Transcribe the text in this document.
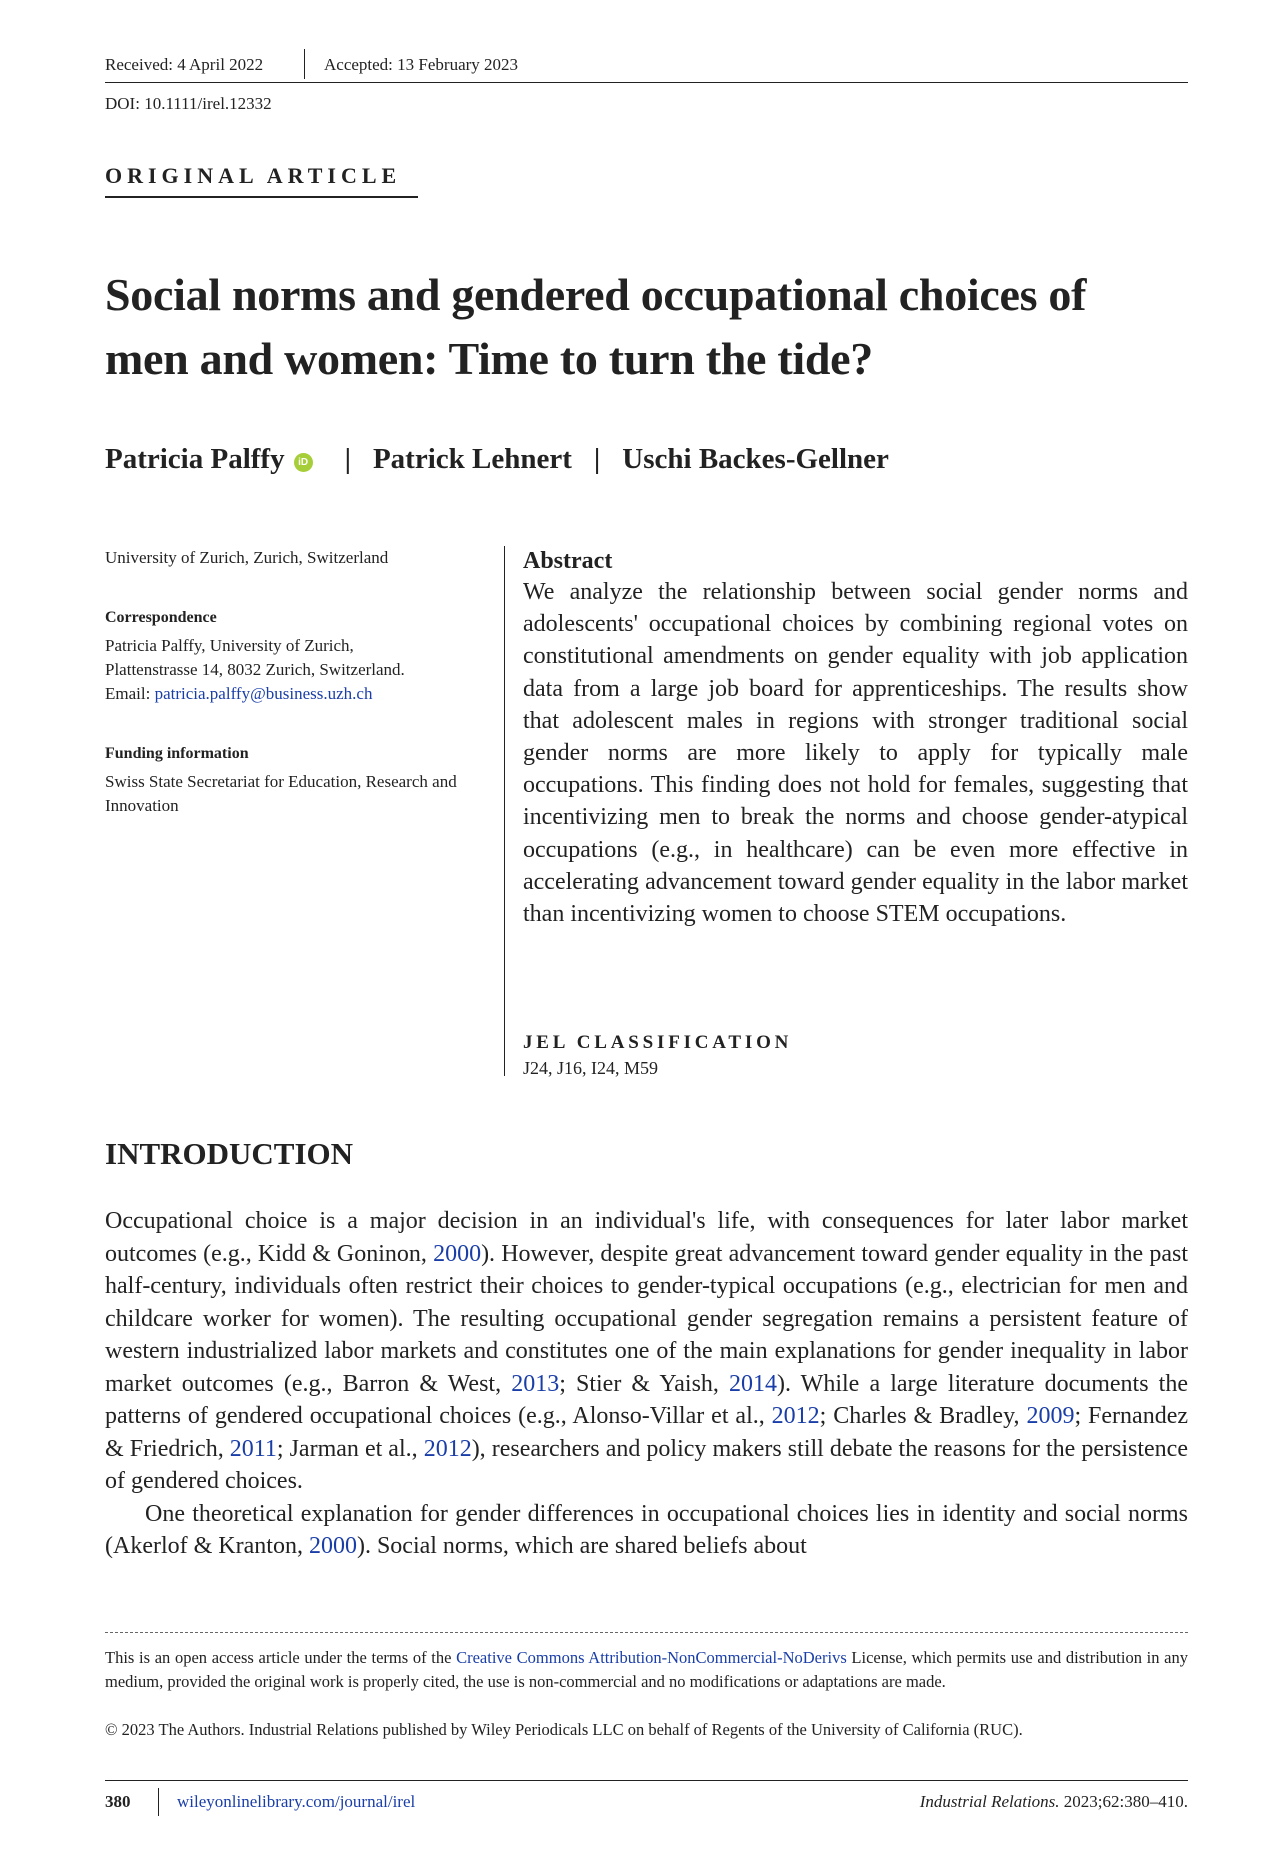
Received: 4 April 2022	Accepted: 13 February 2023
DOI: 10.1111/irel.12332
ORIGINAL ARTICLE
Social norms and gendered occupational choices of
men and women: Time to turn the tide?
Patricia Palffy iD | Patrick Lehnert | Uschi Backes-Gellner
University of Zurich, Zurich, Switzerland
Correspondence
Patricia Palffy, University of Zurich,
Plattenstrasse 14, 8032 Zurich, Switzerland.
Email: patricia.palffy@business.uzh.ch
Funding information
Swiss State Secretariat for Education, Research and Innovation
Abstract

We analyze the relationship between social gender norms and adolescents' occupational choices by combining regional votes on constitutional amendments on gender equality with job application data from a large job board for apprenticeships. The results show that adolescent males in regions with stronger traditional social gender norms are more likely to apply for typically male occupations. This finding does not hold for females, suggesting that incentivizing men to break the norms and choose gender-atypical occupations (e.g., in healthcare) can be even more effective in accelerating advancement toward gender equality in the labor market than incentivizing women to choose STEM occupations.

JEL CLASSIFICATION
J24, J16, I24, M59
INTRODUCTION

Occupational choice is a major decision in an individual's life, with consequences for later labor market outcomes (e.g., Kidd & Goninon, 2000). However, despite great advancement toward gender equality in the past half-century, individuals often restrict their choices to gender-typical occupations (e.g., electrician for men and childcare worker for women). The resulting occupational gender segregation remains a persistent feature of western industrialized labor markets and constitutes one of the main explanations for gender inequality in labor market outcomes (e.g., Barron & West, 2013; Stier & Yaish, 2014). While a large literature documents the patterns of gendered occupational choices (e.g., Alonso-Villar et al., 2012; Charles & Bradley, 2009; Fernandez & Friedrich, 2011; Jarman et al., 2012), researchers and policy makers still debate the reasons for the persistence of gendered choices.

One theoretical explanation for gender differences in occupational choices lies in identity and social norms (Akerlof & Kranton, 2000). Social norms, which are shared beliefs about

This is an open access article under the terms of the Creative Commons Attribution-NonCommercial-NoDerivs License, which permits use and distribution in any medium, provided the original work is properly cited, the use is non-commercial and no modifications or adaptations are made.

© 2023 The Authors. Industrial Relations published by Wiley Periodicals LLC on behalf of Regents of the University of California (RUC).

380	wileyonlinelibrary.com/journal/irel	Industrial Relations. 2023;62:380–410.
